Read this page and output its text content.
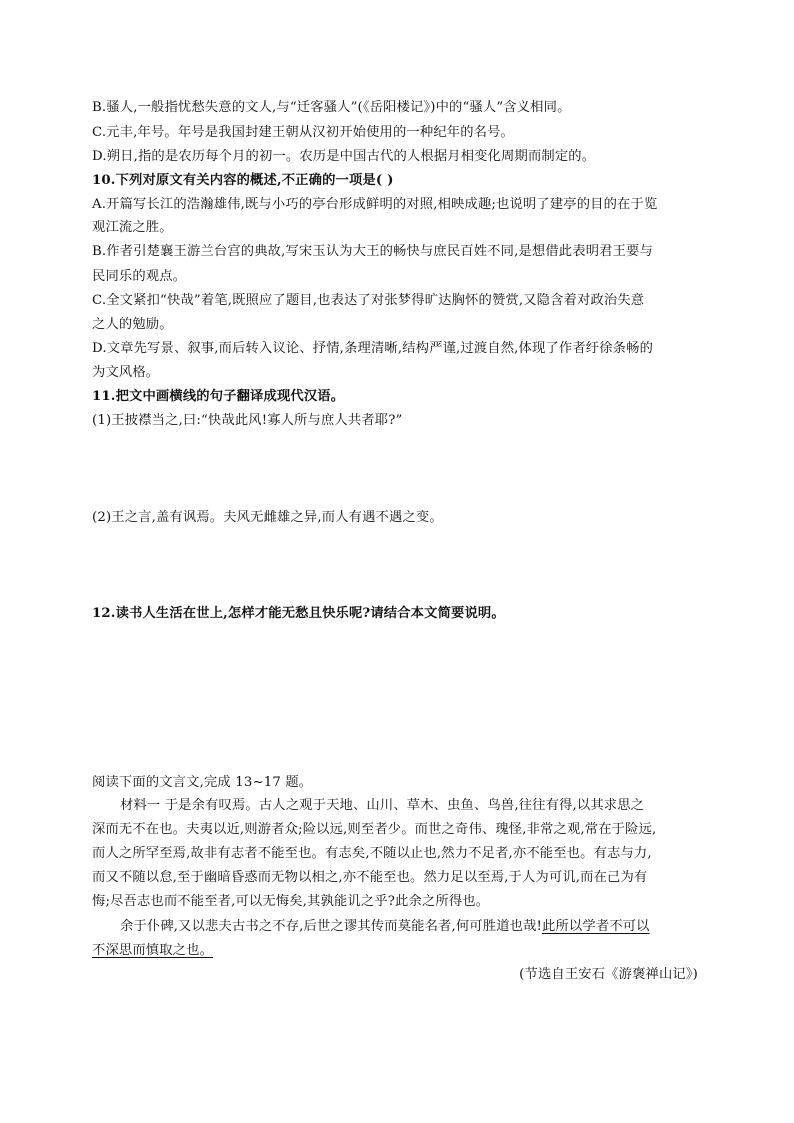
B.骚人,一般指忧愁失意的文人,与“迁客骚人”(《岳阳楼记》)中的“骚人”含义相同。
C.元丰,年号。年号是我国封建王朝从汉初开始使用的一种纪年的名号。
D.朔日,指的是农历每个月的初一。农历是中国古代的人根据月相变化周期而制定的。
10.下列对原文有关内容的概述,不正确的一项是( )
A.开篇写长江的浩瀚雄伟,既与小巧的亭台形成鲜明的对照,相映成趣;也说明了建亭的目的在于览
观江流之胜。
B.作者引楚襄王游兰台宫的典故,写宋玉认为大王的畅快与庶民百姓不同,是想借此表明君王要与
民同乐的观点。
C.全文紧扣“快哉”着笔,既照应了题目,也表达了对张梦得旷达胸怀的赞赏,又隐含着对政治失意
之人的勉励。
D.文章先写景、叙事,而后转入议论、抒情,条理清晰,结构严谨,过渡自然,体现了作者纡徐条畅的
为文风格。
11.把文中画横线的句子翻译成现代汉语。
(1)王披襟当之,曰:“快哉此风!寡人所与庶人共者耶?”
(2)王之言,盖有讽焉。夫风无雌雄之异,而人有遇不遇之变。
12.读书人生活在世上,怎样才能无愁且快乐呢?请结合本文简要说明。
阅读下面的文言文,完成 13~17 题。
材料一 于是余有叹焉。古人之观于天地、山川、草木、虫鱼、鸟兽,往往有得,以其求思之
深而无不在也。夫夷以近,则游者众;险以远,则至者少。而世之奇伟、瑰怪,非常之观,常在于险远,
而人之所罕至焉,故非有志者不能至也。有志矣,不随以止也,然力不足者,亦不能至也。有志与力,
而又不随以怠,至于幽暗昏惑而无物以相之,亦不能至也。然力足以至焉,于人为可讥,而在己为有
悔;尽吾志也而不能至者,可以无悔矣,其孰能讥之乎?此余之所得也。
余于仆碑,又以悲夫古书之不存,后世之谬其传而莫能名者,何可胜道也哉!此所以学者不可以
不深思而慎取之也。
(节选自王安石《游褒禅山记》)
